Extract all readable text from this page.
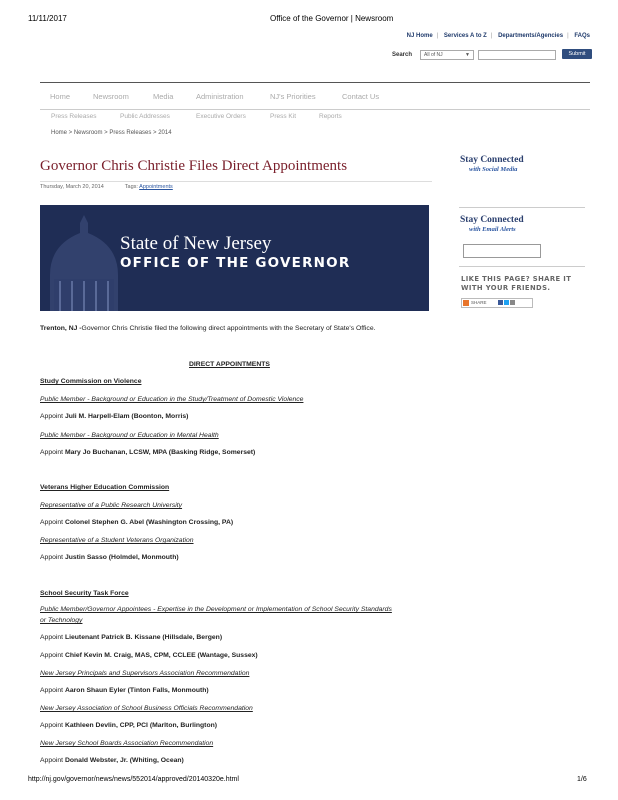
11/11/2017	Office of the Governor | Newsroom
NJ Home | Services A to Z | Departments/Agencies | FAQs
Search	All of NJ	▼	Submit
Home	Newsroom	Media	Administration	NJ's Priorities	Contact Us
Press Releases	Public Addresses	Executive Orders	Press Kit	Reports
Home > Newsroom > Press Releases > 2014
Governor Chris Christie Files Direct Appointments
Thursday, March 20, 2014	Tags: Appointments
State of New Jersey
OFFICE OF THE GOVERNOR
Stay Connected
with Social Media
Stay Connected
with Email Alerts
LIKE THIS PAGE? SHARE IT
WITH YOUR FRIENDS.
SHARE
Trenton, NJ -Governor Chris Christie filed the following direct appointments with the Secretary of State's Office.
DIRECT APPOINTMENTS
Study Commission on Violence
Public Member - Background or Education in the Study/Treatment of Domestic Violence
Appoint Juli M. Harpell-Elam (Boonton, Morris)
Public Member - Background or Education in Mental Health
Appoint Mary Jo Buchanan, LCSW, MPA (Basking Ridge, Somerset)
Veterans Higher Education Commission
Representative of a Public Research University
Appoint Colonel Stephen G. Abel (Washington Crossing, PA)
Representative of a Student Veterans Organization
Appoint Justin Sasso (Holmdel, Monmouth)
School Security Task Force
Public Member/Governor Appointees - Expertise in the Development or Implementation of School Security Standards
or Technology
Appoint Lieutenant Patrick B. Kissane (Hillsdale, Bergen)
Appoint Chief Kevin M. Craig, MAS, CPM, CCLEE (Wantage, Sussex)
New Jersey Principals and Supervisors Association Recommendation
Appoint Aaron Shaun Eyler (Tinton Falls, Monmouth)
New Jersey Association of School Business Officials Recommendation
Appoint Kathleen Devlin, CPP, PCI (Marlton, Burlington)
New Jersey School Boards Association Recommendation
Appoint Donald Webster, Jr. (Whiting, Ocean)
http://nj.gov/governor/news/news/552014/approved/20140320e.html	1/6
